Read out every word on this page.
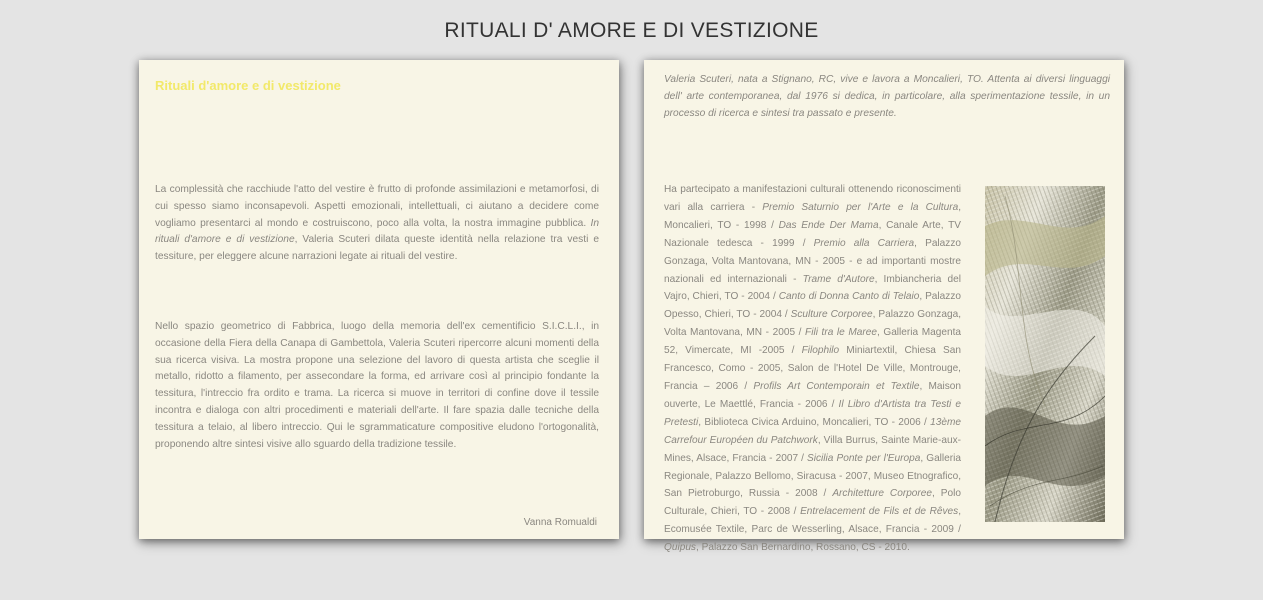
RITUALI D' AMORE E DI VESTIZIONE
Rituali d'amore e di vestizione

La complessità che racchiude l'atto del vestire è frutto di profonde assimilazioni e metamorfosi, di cui spesso siamo inconsapevoli. Aspetti emozionali, intellettuali, ci aiutano a decidere come vogliamo presentarci al mondo e costruiscono, poco alla volta, la nostra immagine pubblica. In rituali d'amore e di vestizione, Valeria Scuteri dilata queste identità nella relazione tra vesti e tessiture, per eleggere alcune narrazioni legate ai rituali del vestire.

Nello spazio geometrico di Fabbrica, luogo della memoria dell'ex cementificio S.I.C.L.I., in occasione della Fiera della Canapa di Gambettola, Valeria Scuteri ripercorre alcuni momenti della sua ricerca visiva. La mostra propone una selezione del lavoro di questa artista che sceglie il metallo, ridotto a filamento, per assecondare la forma, ed arrivare così al principio fondante la tessitura, l'intreccio fra ordito e trama. La ricerca si muove in territori di confine dove il tessile incontra e dialoga con altri procedimenti e materiali dell'arte. Il fare spazia dalle tecniche della tessitura a telaio, al libero intreccio. Qui le sgrammaticature compositive eludono l'ortogonalità, proponendo altre sintesi visive allo sguardo della tradizione tessile.

Vanna Romualdi

Valeria Scuteri, nata a Stignano, RC, vive e lavora a Moncalieri, TO. Attenta ai diversi linguaggi dell' arte contemporanea, dal 1976 si dedica, in particolare, alla sperimentazione tessile, in un processo di ricerca e sintesi tra passato e presente.

Ha partecipato a manifestazioni culturali ottenendo riconoscimenti vari alla carriera - Premio Saturnio per l'Arte e la Cultura, Moncalieri, TO - 1998 / Das Ende Der Mama, Canale Arte, TV Nazionale tedesca - 1999 / Premio alla Carriera, Palazzo Gonzaga, Volta Mantovana, MN - 2005 - e ad importanti mostre nazionali ed internazionali - Trame d'Autore, Imbiancheria del Vajro, Chieri, TO - 2004 / Canto di Donna Canto di Telaio, Palazzo Opesso, Chieri, TO - 2004 / Sculture Corporee, Palazzo Gonzaga, Volta Mantovana, MN - 2005 / Fili tra le Maree, Galleria Magenta 52, Vimercate, MI -2005 / Filophilo Miniartextil, Chiesa San Francesco, Como - 2005, Salon de l'Hotel De Ville, Montrouge, Francia – 2006 / Profils Art Contemporain et Textile, Maison ouverte, Le Maettlé, Francia - 2006 / Il Libro d'Artista tra Testi e Pretesti, Biblioteca Civica Arduino, Moncalieri, TO - 2006 / 13ème Carrefour Européen du Patchwork, Villa Burrus, Sainte Marie-aux-Mines, Alsace, Francia - 2007 / Sicilia Ponte per l'Europa, Galleria Regionale, Palazzo Bellomo, Siracusa - 2007, Museo Etnografico, San Pietroburgo, Russia - 2008 / Architetture Corporee, Polo Culturale, Chieri, TO - 2008 / Entrelacement de Fils et de Rêves, Ecomusée Textile, Parc de Wesserling, Alsace, Francia - 2009 / Quipus, Palazzo San Bernardino, Rossano, CS - 2010.
